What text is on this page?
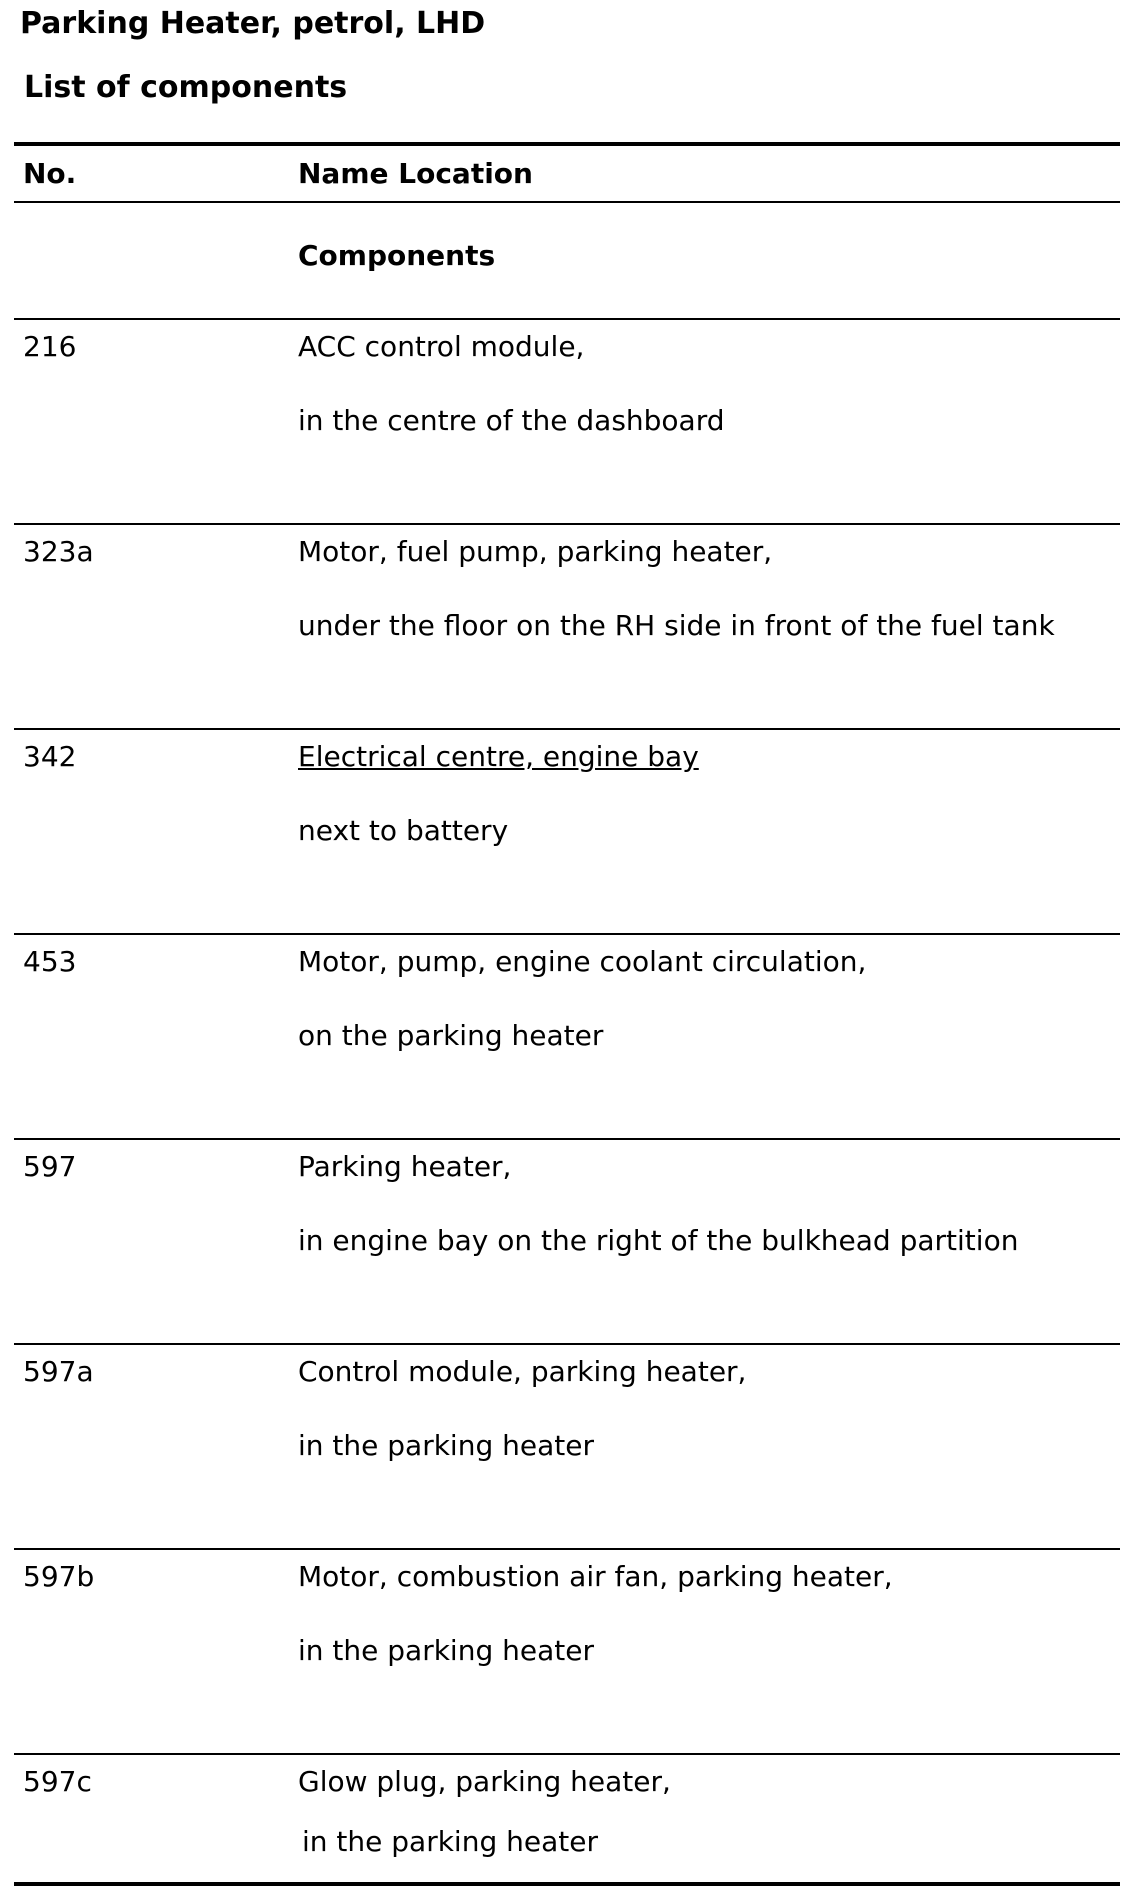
Parking Heater, petrol, LHD
List of components
No.	Name Location
Components
216	ACC control module,
in the centre of the dashboard
323a	Motor, fuel pump, parking heater,
under the floor on the RH side in front of the fuel tank
342	Electrical centre, engine bay
next to battery
453	Motor, pump, engine coolant circulation,
on the parking heater
597	Parking heater,
in engine bay on the right of the bulkhead partition
597a	Control module, parking heater,
in the parking heater
597b	Motor, combustion air fan, parking heater,
in the parking heater
597c	Glow plug, parking heater,
in the parking heater
